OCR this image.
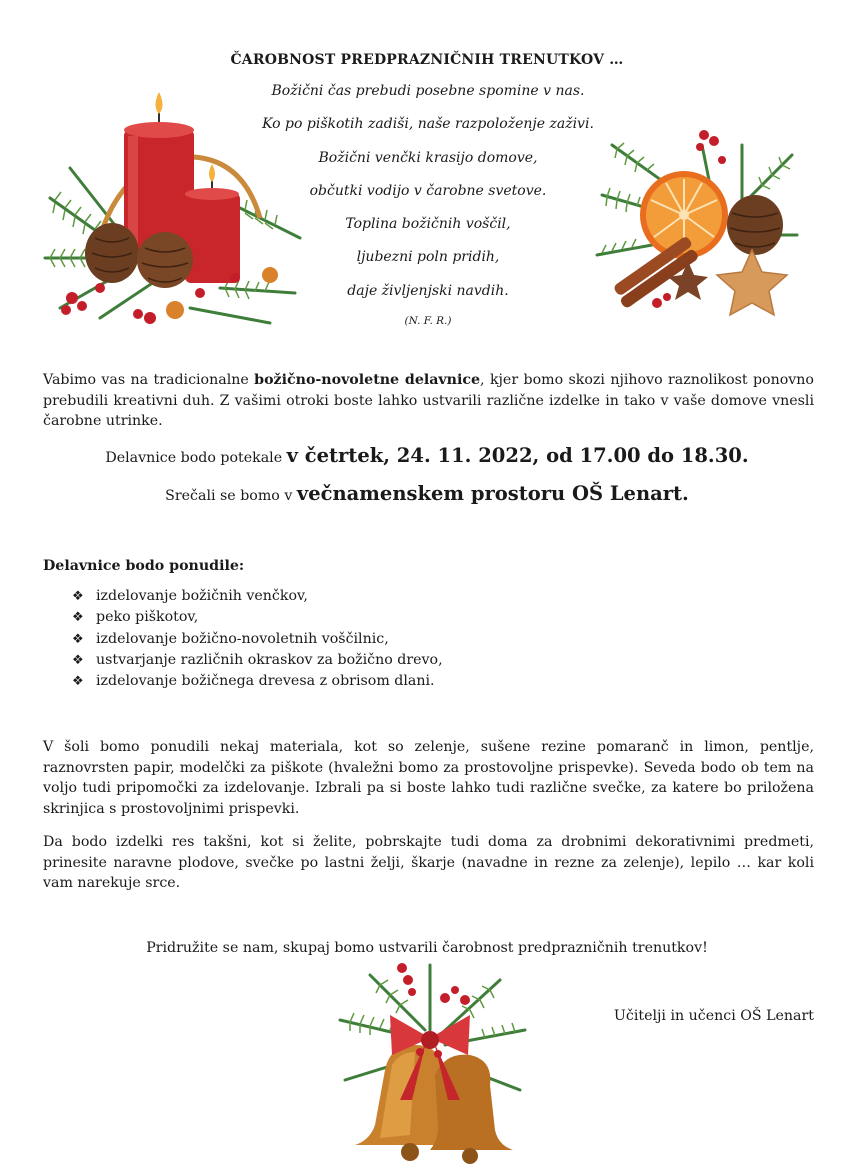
ČAROBNOST PREDPRAZNIČNIH TRENUTKOV …
Božični čas prebudi posebne spomine v nas.
Ko po piškotih zadiši, naše razpoloženje zaživi.
Božični venčki krasijo domove,
občutki vodijo v čarobne svetove.
Toplina božičnih voščil,
ljubezni poln pridih,
daje življenjski navdih.
(N. F. R.)
Vabimo vas na tradicionalne božično-novoletne delavnice, kjer bomo skozi njihovo raznolikost ponovno prebudili kreativni duh. Z vašimi otroki boste lahko ustvarili različne izdelke in tako v vaše domove vnesli čarobne utrinke.
Delavnice bodo potekale v četrtek, 24. 11. 2022, od 17.00 do 18.30.
Srečali se bomo v večnamenskem prostoru OŠ Lenart.
Delavnice bodo ponudile:
❖ izdelovanje božičnih venčkov,
❖ peko piškotov,
❖ izdelovanje božično-novoletnih voščilnic,
❖ ustvarjanje različnih okraskov za božično drevo,
❖ izdelovanje božičnega drevesa z obrisom dlani.
V šoli bomo ponudili nekaj materiala, kot so zelenje, sušene rezine pomaranč in limon, pentlje, raznovrsten papir, modelčki za piškote (hvaležni bomo za prostovoljne prispevke). Seveda bodo ob tem na voljo tudi pripomočki za izdelovanje. Izbrali pa si boste lahko tudi različne svečke, za katere bo priložena skrinjica s prostovoljnimi prispevki.
Da bodo izdelki res takšni, kot si želite, pobrskajte tudi doma za drobnimi dekorativnimi predmeti, prinesite naravne plodove, svečke po lastni želji, škarje (navadne in rezne za zelenje), lepilo … kar koli vam narekuje srce.
Pridružite se nam, skupaj bomo ustvarili čarobnost predprazničnih trenutkov!
Učitelji in učenci OŠ Lenart
